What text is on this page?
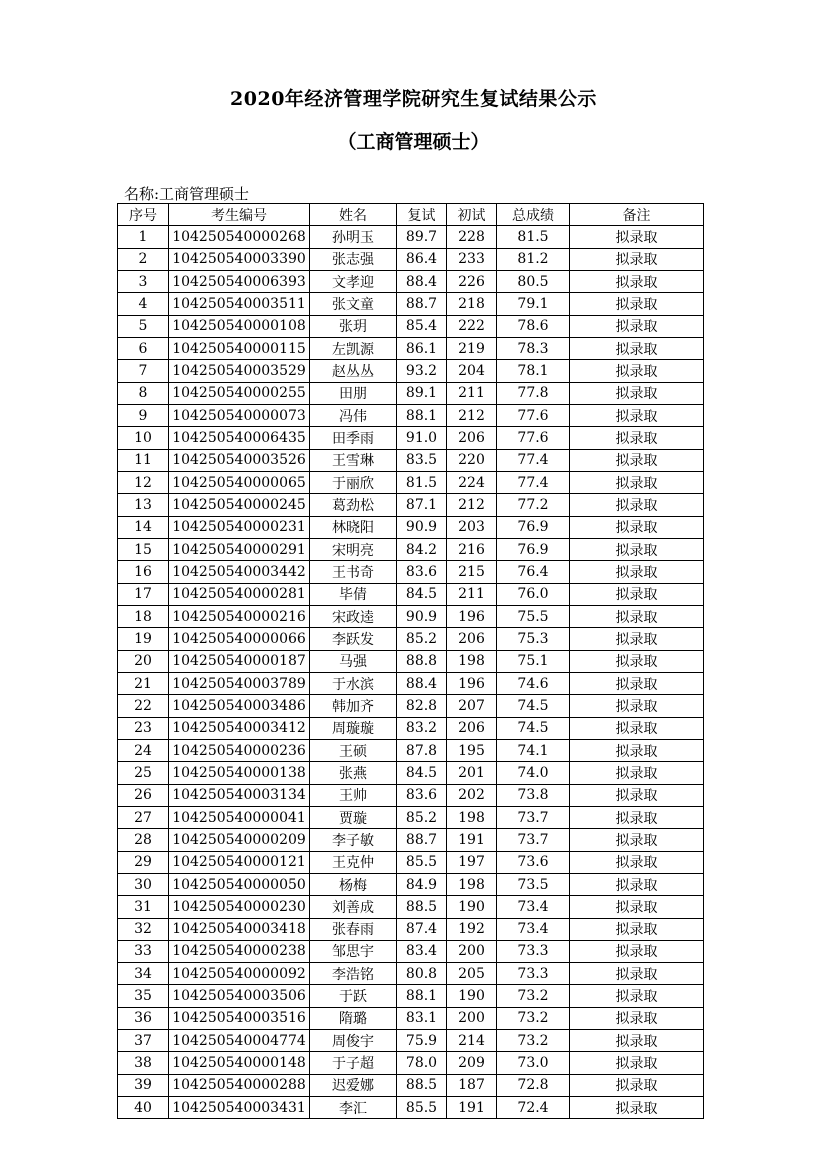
2020年经济管理学院研究生复试结果公示
（工商管理硕士）
名称:工商管理硕士
序号	考生编号	姓名	复试	初试	总成绩	备注
1	104250540000268	孙明玉	89.7	228	81.5	拟录取
2	104250540003390	张志强	86.4	233	81.2	拟录取
3	104250540006393	文孝迎	88.4	226	80.5	拟录取
4	104250540003511	张文童	88.7	218	79.1	拟录取
5	104250540000108	张玥	85.4	222	78.6	拟录取
6	104250540000115	左凯源	86.1	219	78.3	拟录取
7	104250540003529	赵丛丛	93.2	204	78.1	拟录取
8	104250540000255	田朋	89.1	211	77.8	拟录取
9	104250540000073	冯伟	88.1	212	77.6	拟录取
10	104250540006435	田季雨	91.0	206	77.6	拟录取
11	104250540003526	王雪琳	83.5	220	77.4	拟录取
12	104250540000065	于丽欣	81.5	224	77.4	拟录取
13	104250540000245	葛劲松	87.1	212	77.2	拟录取
14	104250540000231	林晓阳	90.9	203	76.9	拟录取
15	104250540000291	宋明亮	84.2	216	76.9	拟录取
16	104250540003442	王书奇	83.6	215	76.4	拟录取
17	104250540000281	毕倩	84.5	211	76.0	拟录取
18	104250540000216	宋政逵	90.9	196	75.5	拟录取
19	104250540000066	李跃发	85.2	206	75.3	拟录取
20	104250540000187	马强	88.8	198	75.1	拟录取
21	104250540003789	于水滨	88.4	196	74.6	拟录取
22	104250540003486	韩加齐	82.8	207	74.5	拟录取
23	104250540003412	周璇璇	83.2	206	74.5	拟录取
24	104250540000236	王硕	87.8	195	74.1	拟录取
25	104250540000138	张燕	84.5	201	74.0	拟录取
26	104250540003134	王帅	83.6	202	73.8	拟录取
27	104250540000041	贾璇	85.2	198	73.7	拟录取
28	104250540000209	李子敏	88.7	191	73.7	拟录取
29	104250540000121	王克仲	85.5	197	73.6	拟录取
30	104250540000050	杨梅	84.9	198	73.5	拟录取
31	104250540000230	刘善成	88.5	190	73.4	拟录取
32	104250540003418	张春雨	87.4	192	73.4	拟录取
33	104250540000238	邹思宇	83.4	200	73.3	拟录取
34	104250540000092	李浩铭	80.8	205	73.3	拟录取
35	104250540003506	于跃	88.1	190	73.2	拟录取
36	104250540003516	隋璐	83.1	200	73.2	拟录取
37	104250540004774	周俊宇	75.9	214	73.2	拟录取
38	104250540000148	于子超	78.0	209	73.0	拟录取
39	104250540000288	迟爱娜	88.5	187	72.8	拟录取
40	104250540003431	李汇	85.5	191	72.4	拟录取
